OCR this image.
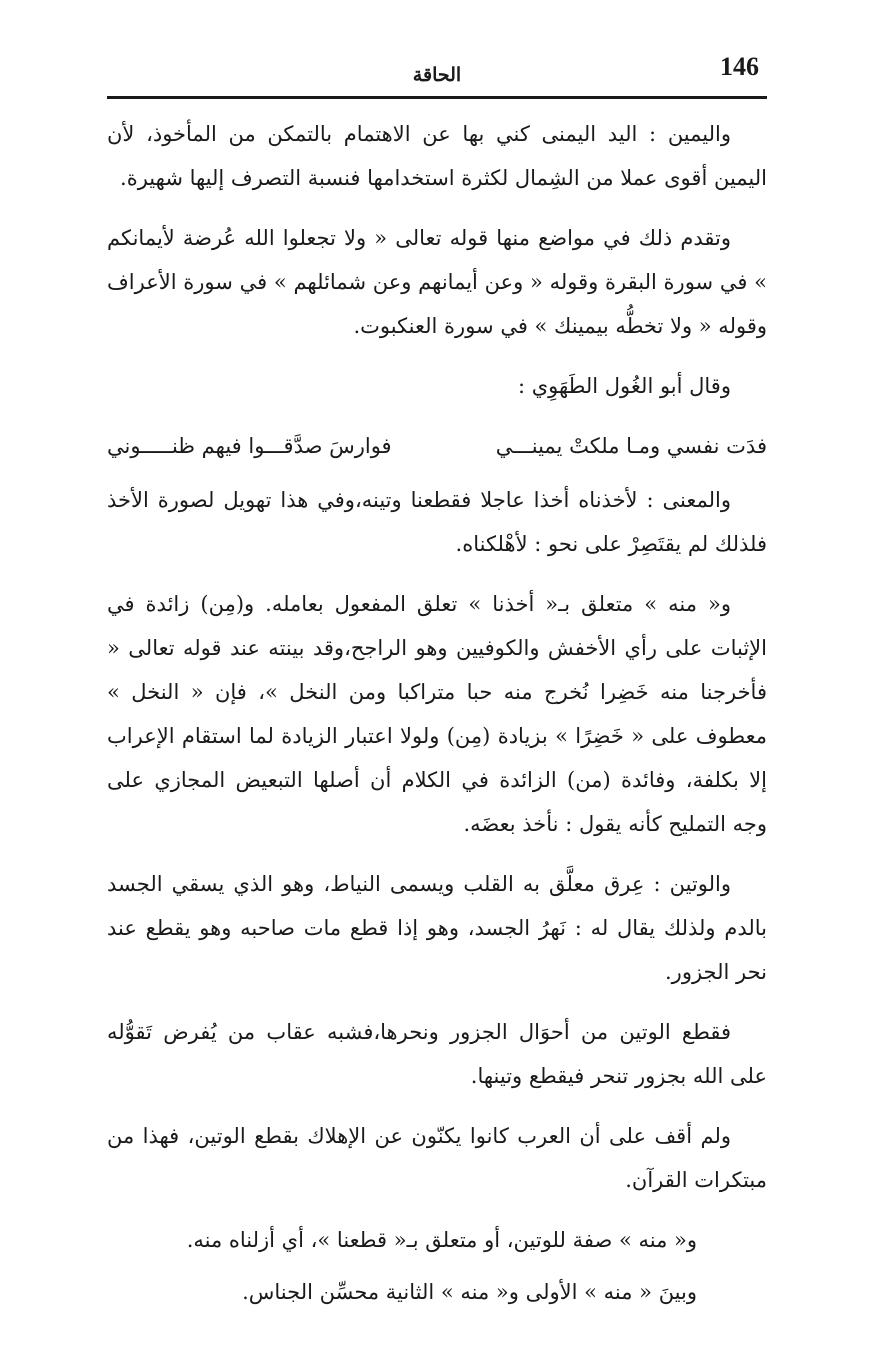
146
الحاقة

واليمين : اليد اليمنى كني بها عن الاهتمام بالتمكن من المأخوذ، لأن اليمين أقوى عملا من الشِمال لكثرة استخدامها فنسبة التصرف إليها شهيرة.

وتقدم ذلك في مواضع منها قوله تعالى « ولا تجعلوا الله عُرضة لأيمانكم » في سورة البقرة وقوله « وعن أيمانهم وعن شمائلهم » في سورة الأعراف وقوله « ولا تخطُّه بيمينك » في سورة العنكبوت.

وقال أبو الغُول الطَهَوِي :

فدَت نفسي ومـا ملكتْ يمينـــي
فوارسَ صدَّقـــوا فيهم ظنـــــوني

والمعنى : لأخذناه أخذا عاجلا فقطعنا وتينه،وفي هذا تهويل لصورة الأخذ فلذلك لم يقتَصِرْ على نحو : لأهْلكناه.

و« منه » متعلق بـ« أخذنا » تعلق المفعول بعامله. و(مِن) زائدة في الإثبات على رأي الأخفش والكوفيين وهو الراجح،وقد بينته عند قوله تعالى « فأخرجنا منه خَضِرا نُخرج منه حبا متراكبا ومن النخل »، فإن « النخل » معطوف على « خَضِرًا » بزيادة (مِن) ولولا اعتبار الزيادة لما استقام الإعراب إلا بكلفة، وفائدة (من) الزائدة في الكلام أن أصلها التبعيض المجازي على وجه التمليح كأنه يقول : نأخذ بعضَه.

والوتين : عِرق معلَّق به القلب ويسمى النياط، وهو الذي يسقي الجسد بالدم ولذلك يقال له : نَهرُ الجسد، وهو إذا قطع مات صاحبه وهو يقطع عند نحر الجزور.

فقطع الوتين من أحوَال الجزور ونحرها،فشبه عقاب من يُفرض تَقوُّله على الله بجزور تنحر فيقطع وتينها.

ولم أقف على أن العرب كانوا يكنّون عن الإهلاك بقطع الوتين، فهذا من مبتكرات القرآن.

و« منه » صفة للوتين، أو متعلق بـ« قطعنا »، أي أزلناه منه.

وبينَ « منه » الأولى و« منه » الثانية محسِّن الجناس.
